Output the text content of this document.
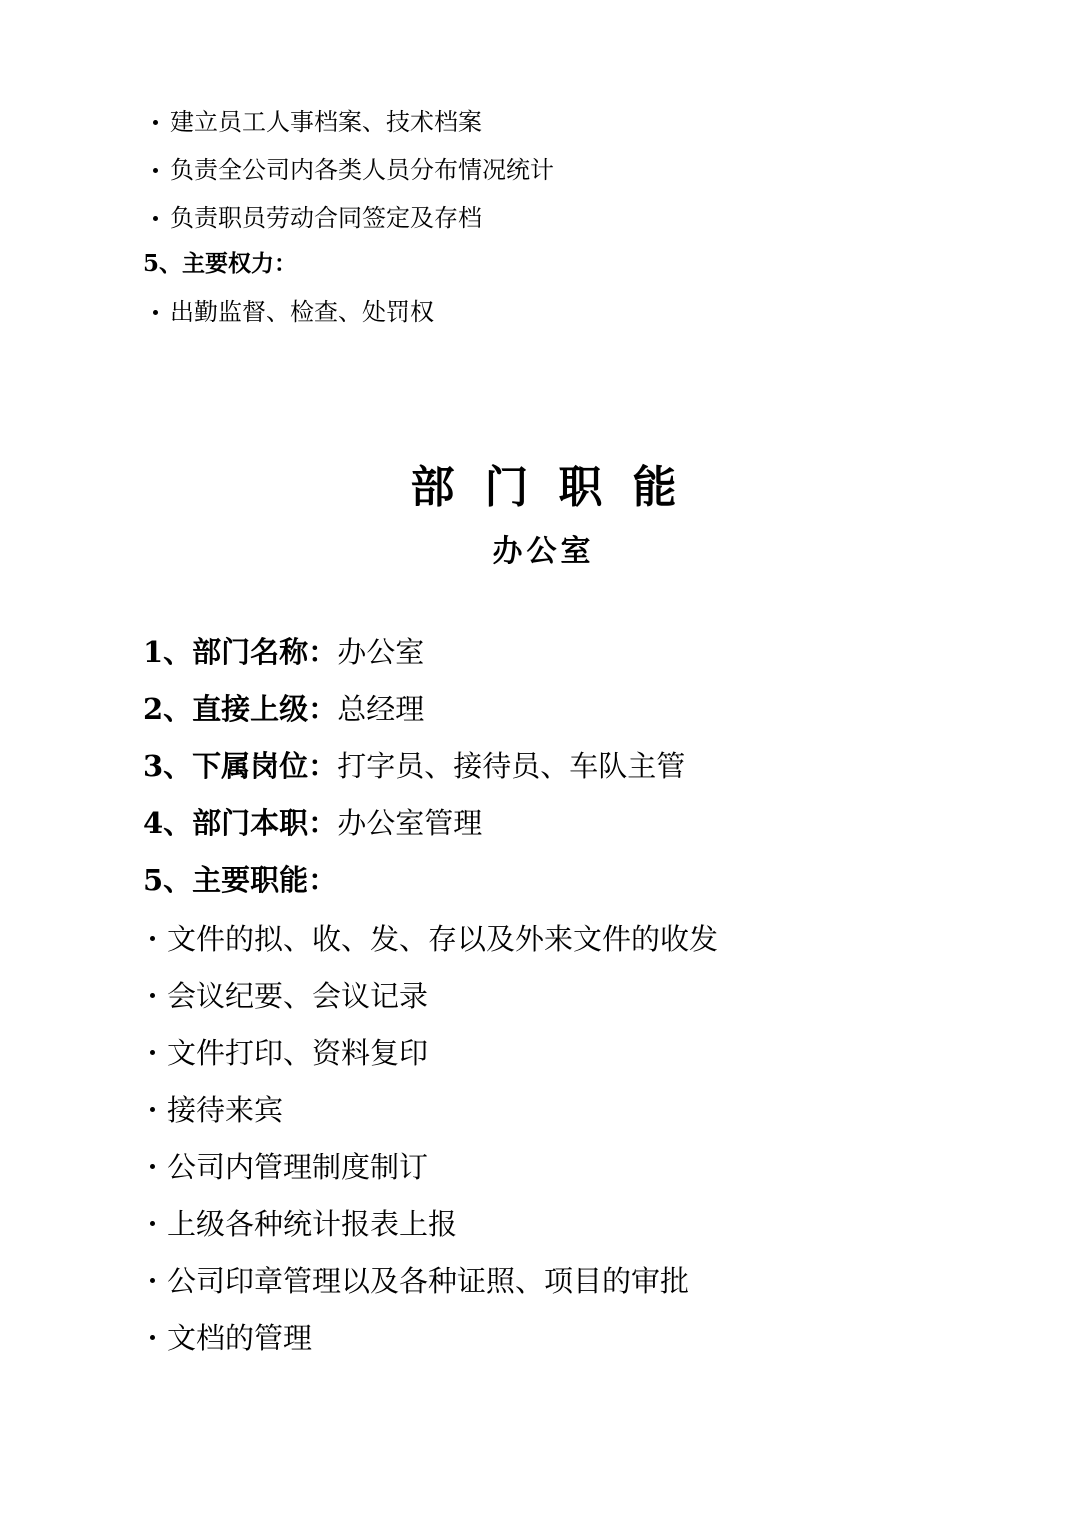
建立员工人事档案、技术档案
负责全公司内各类人员分布情况统计
负责职员劳动合同签定及存档
5、主要权力：
出勤监督、检查、处罚权
部门职能
办公室
1、部门名称：办公室
2、直接上级：总经理
3、下属岗位：打字员、接待员、车队主管
4、部门本职：办公室管理
5、主要职能：
文件的拟、收、发、存以及外来文件的收发
会议纪要、会议记录
文件打印、资料复印
接待来宾
公司内管理制度制订
上级各种统计报表上报
公司印章管理以及各种证照、项目的审批
文档的管理
